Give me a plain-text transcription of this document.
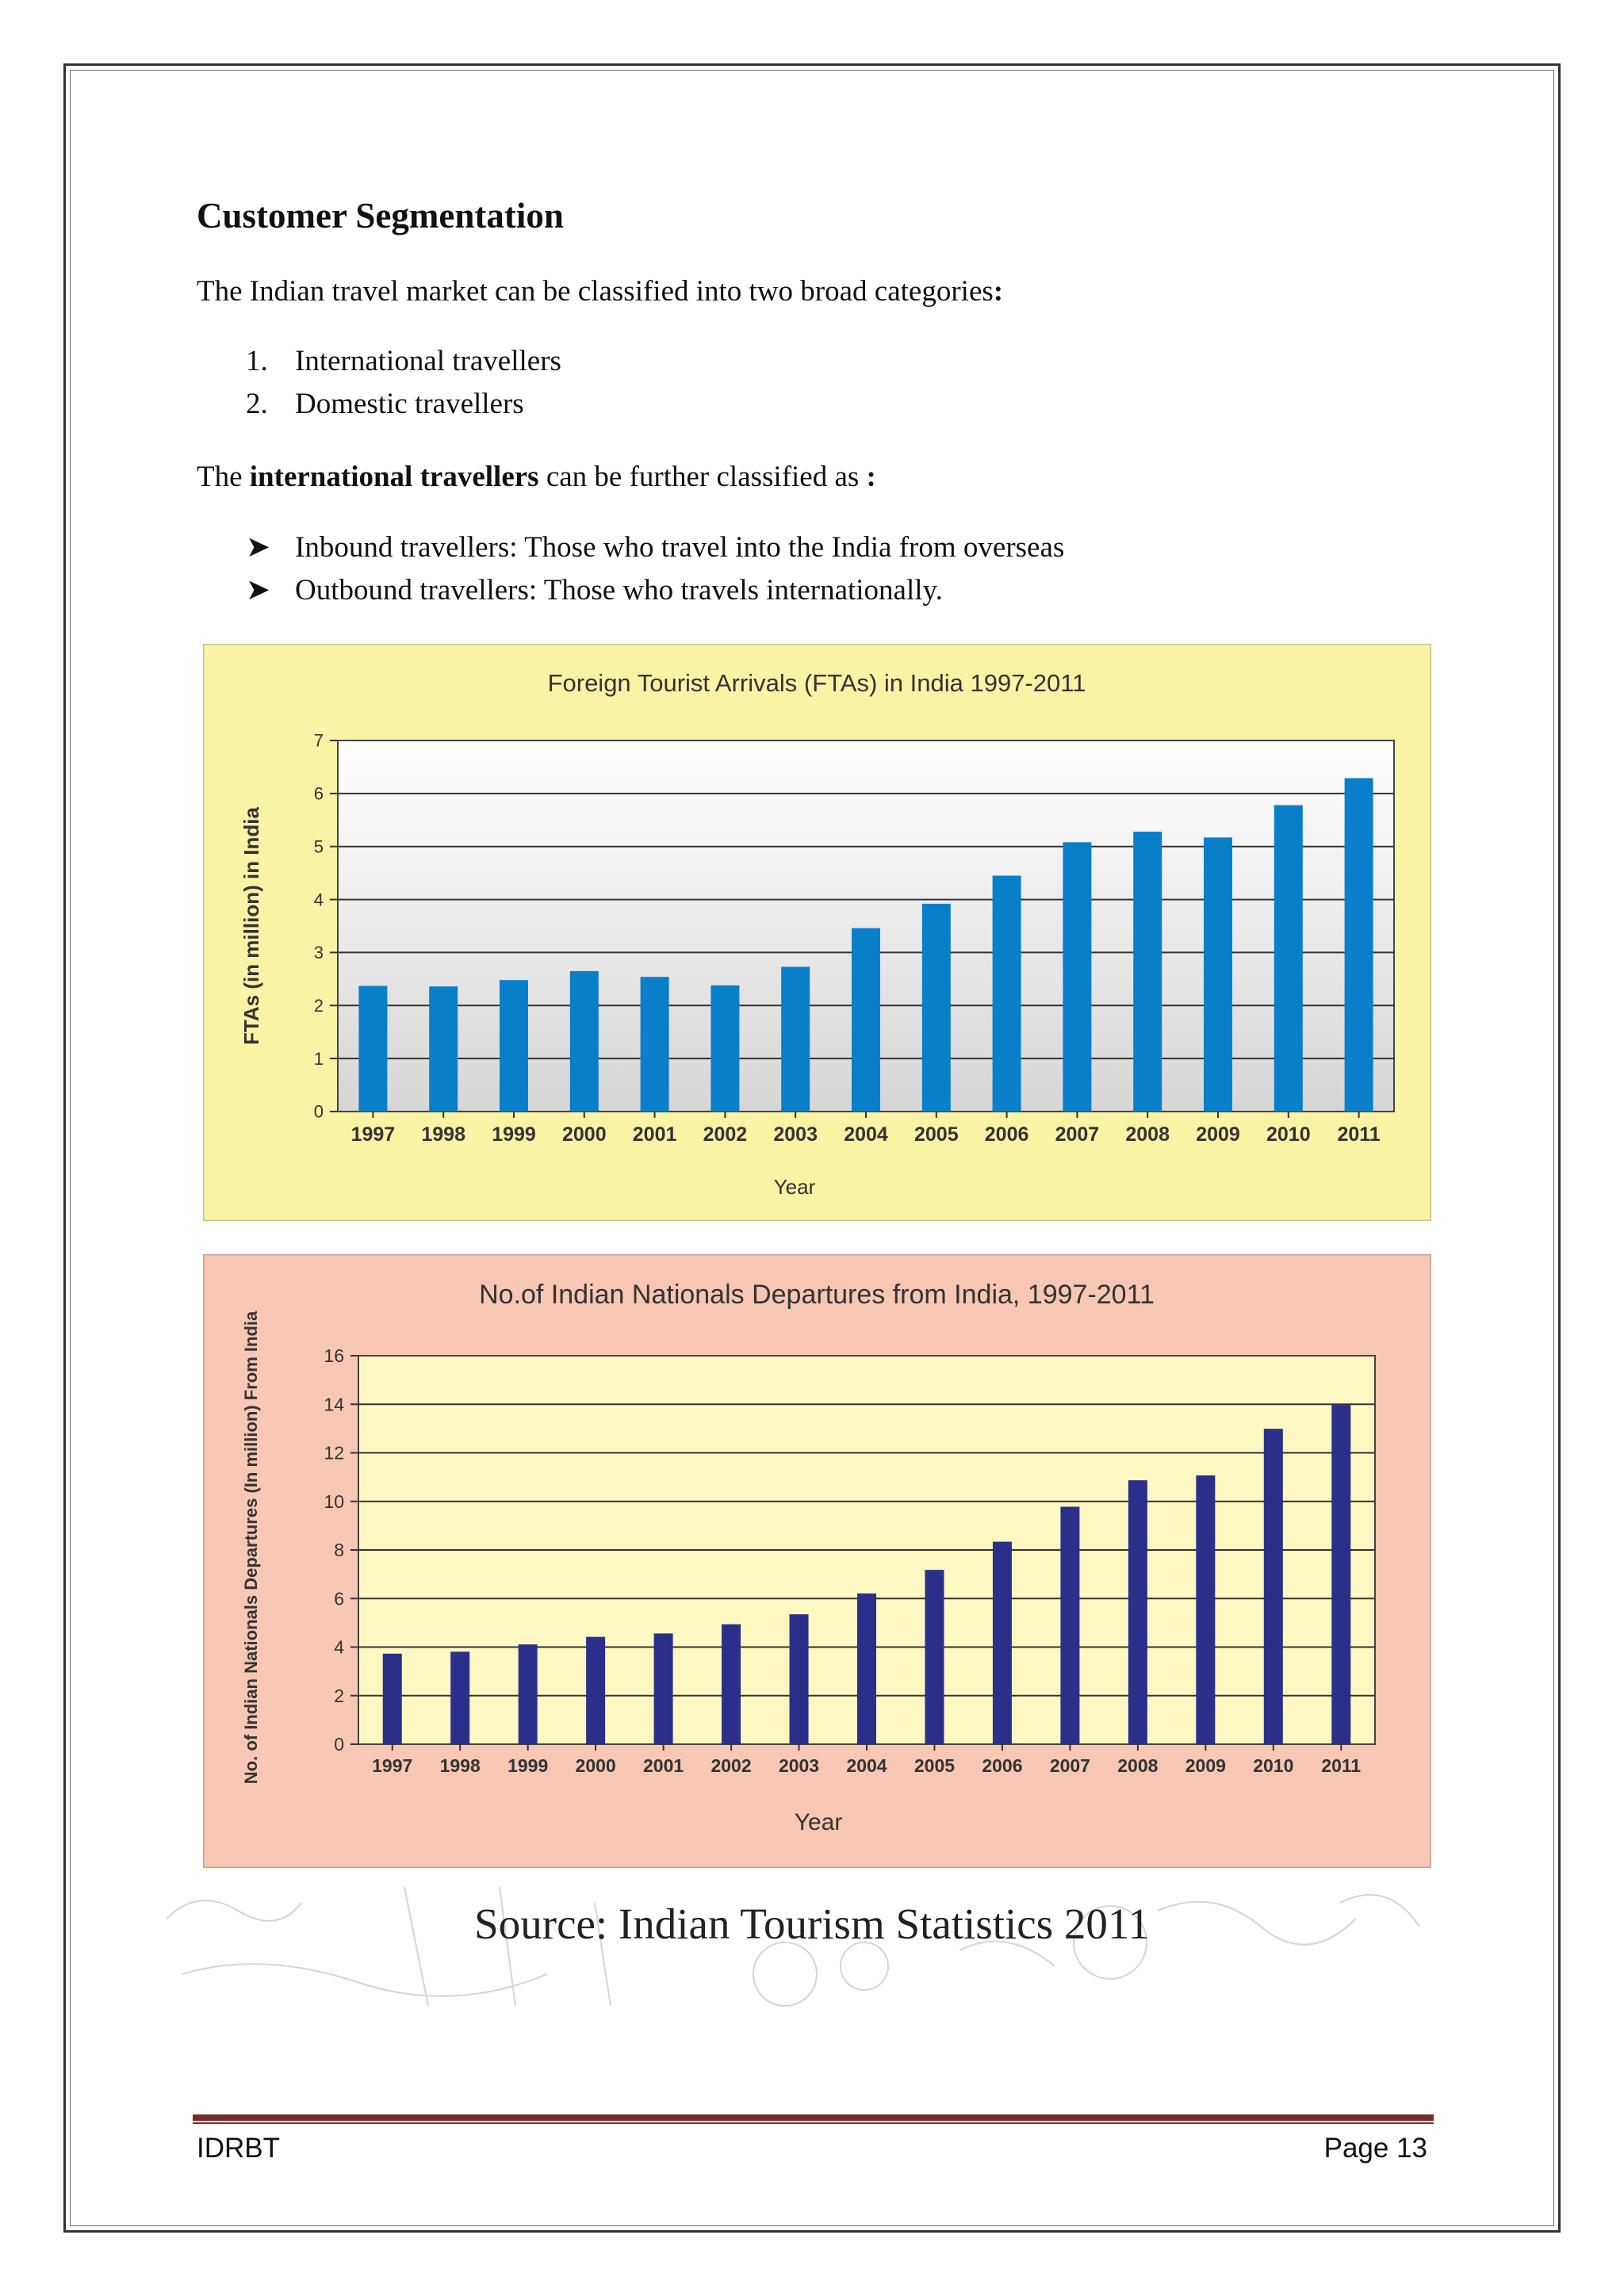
Customer Segmentation

The Indian travel market can be classified into two broad categories:

1. International travellers
2. Domestic travellers

The international travellers can be further classified as :

➤ Inbound travellers: Those who travel into the India from overseas
➤ Outbound travellers: Those who travels internationally.
Foreign Tourist Arrivals (FTAs) in India 1997-2011
0
1
2
3
4
5
6
7
1997 1998 1999 2000 2001 2002 2003 2004 2005 2006 2007 2008 2009 2010 2011
Year
FTAs (in million) in India
No.of Indian Nationals Departures from India, 1997-2011
0
2
4
6
8
10
12
14
16
1997 1998 1999 2000 2001 2002 2003 2004 2005 2006 2007 2008 2009 2010 2011
Year
No. of Indian Nationals Departures (In million) From India
Source: Indian Tourism Statistics 2011
IDRBT	Page 13
